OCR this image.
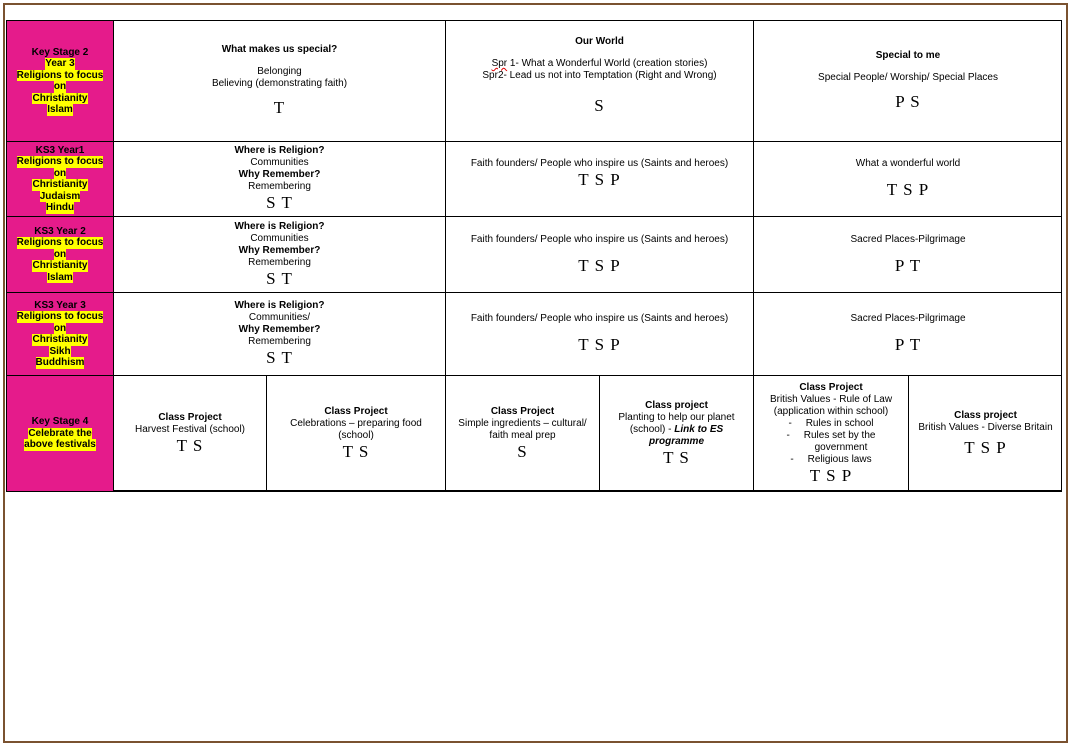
Key Stage 2
Year 3
Religions to focus
on
Christianity
Islam
What makes us special?
Belonging
Believing (demonstrating faith)
T
Our World
Spr 1- What a Wonderful World (creation stories)
Spr2- Lead us not into Temptation (Right and Wrong)
S
Special to me
Special People/ Worship/ Special Places
P S
KS3 Year1
Religions to focus
on
Christianity
Judaism
Hindu
Where is Religion?
Communities
Why Remember?
Remembering
S T
Faith founders/ People who inspire us (Saints and heroes)
T S P
What a wonderful world
T S P
KS3 Year 2
Religions to focus
on
Christianity
Islam
Where is Religion?
Communities
Why Remember?
Remembering
S T
Faith founders/ People who inspire us (Saints and heroes)
T S P
Sacred Places-Pilgrimage
P T
KS3 Year 3
Religions to focus
on
Christianity
Sikh
Buddhism
Where is Religion?
Communities/
Why Remember?
Remembering
S T
Faith founders/ People who inspire us (Saints and heroes)
T S P
Sacred Places-Pilgrimage
P T
Key Stage 4
Celebrate the
above festivals
Class Project
Harvest Festival (school)
T S
Class Project
Celebrations – preparing food
(school)
T S
Class Project
Simple ingredients – cultural/
faith meal prep
S
Class project
Planting to help our planet
(school) - Link to ES
programme
T S
Class Project
British Values - Rule of Law
(application within school)
-     Rules in school
-     Rules set by the
government
-     Religious laws
T S P
Class project
British Values - Diverse Britain
T S P
